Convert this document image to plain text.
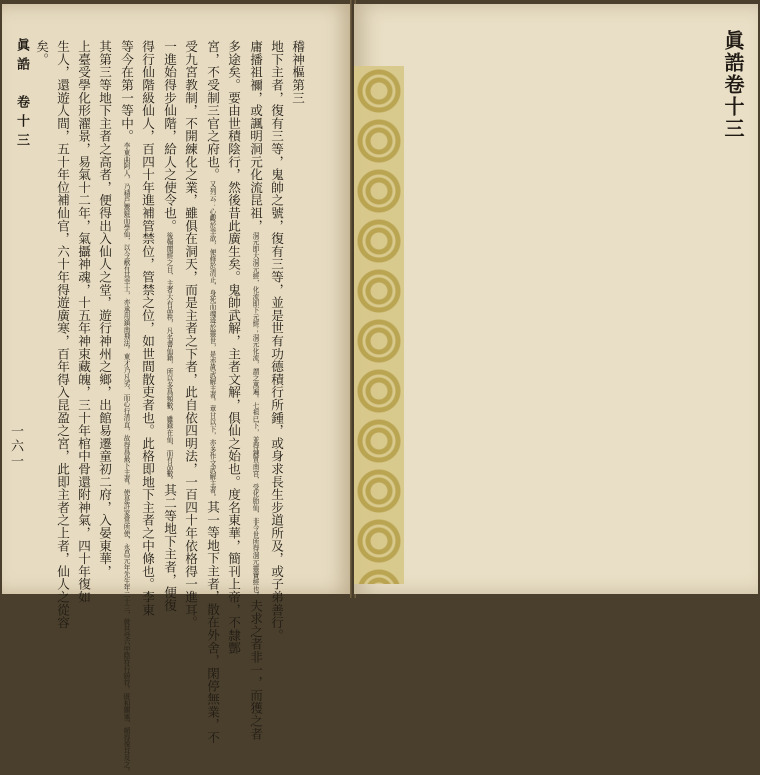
眞誥　卷十三
一六一
稽神樞第三
地下主者，復有三等，鬼帥之號，復有三等，並是世有功德積行所鍾，或身求長生步道所及，或子弟善行。
庸播祖禰，或諷明洞元化流昆祖，洞元即大洞元經，化流即下元經；洞元化流，謂之萬遍。七祖已下，並得鍊質南宮，受化胎仙，非今世所得洞元靈寶經也。夫求之者非一，而獲之者
多途矣。要由世積陰行，然後昔此廣生矣。鬼帥武解，主者文解，俱仙之始也。度名東華，簡刊上帝，不隸酆
宮，不受制三官之府也。又列云：心觀於幸欲，便修於清正，身死而魂迹於靈世，是亦眞武解主者。章甘以下，亦多作文武解主者。其一等地下主者，散在外舍，閑停無業，不
受九宮教制，不開練化之業，雖俱在洞天，而是主者之下者，此自依四明法，一百四十年依格得一進耳。
一進始得步仙階，給人之使令也。後翰聞經之目，主者大有品秩，凡名書仙籍，所以多爲頻數，雖錄在仙，而有品數。其二等地下主者，便復
得行仙階級仙人，百四十年進補管禁位，管禁之位，如世間散吏者也。此格即地下主者之中條也。李東
等今在第一等中。李東曲阿人，乃積戶鬻蛙而學仙，以今蔽有其幸士，亦承用鎮南飛法。東才乃凡劣，而心行清直，故得爲最下主者。使是許家常所使，永昌元年先生年二十三，就其受六甲陰符行厨符，既相關塞，頗得復耳及之。
其第三等地下主者之高者，便得出入仙人之堂，遊行神州之鄉，出館易遷童初二府，入晏東華，
上臺受學化形濯景，易氣十二年，氣攝神魂，十五年神束藏魄，三十年棺中骨還附神氣，四十年復如
生人，還遊人間，五十年位補仙官，六十年得遊廣寒，百年得入昆盈之宮，此即主者之上者，仙人之從容
矣。	眞誥卷十三
